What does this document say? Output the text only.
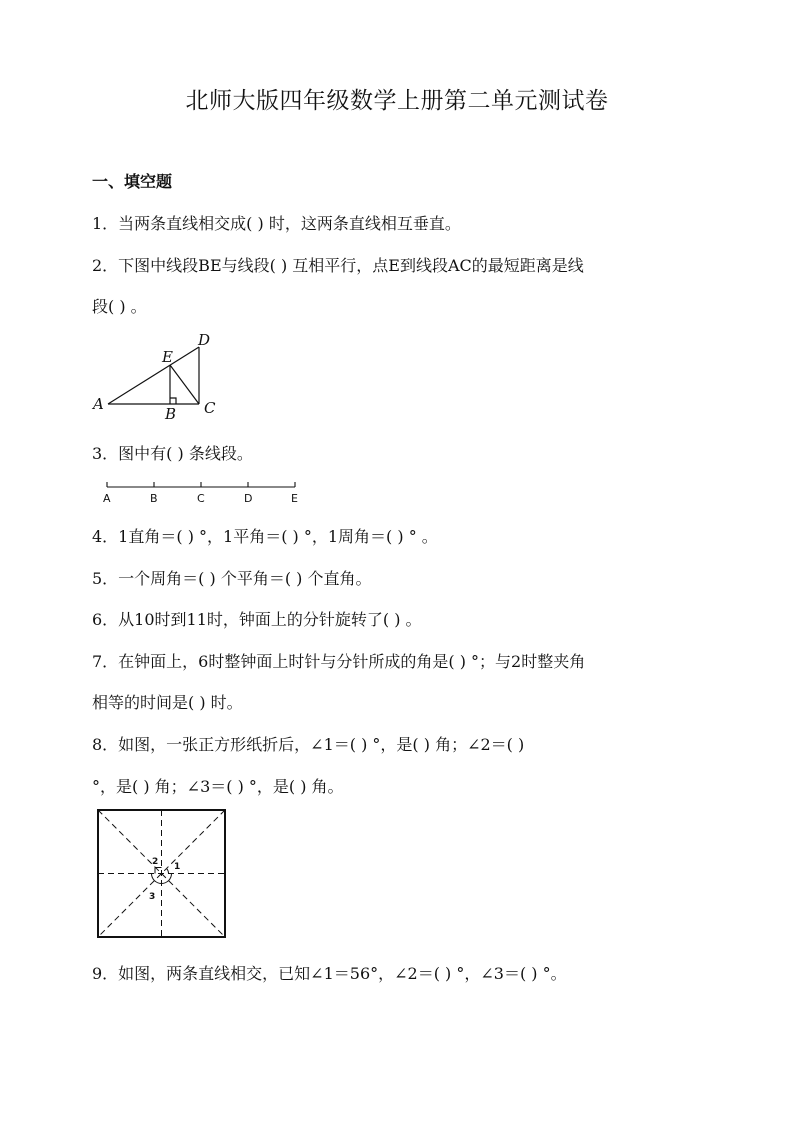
北师大版四年级数学上册第二单元测试卷
一、填空题
1．当两条直线相交成( ) 时，这两条直线相互垂直。
2．下图中线段BE与线段( ) 互相平行，点E到线段AC的最短距离是线
段( ) 。
A
B C
D
E
3．图中有( ) 条线段。
A	B	C	D	E
4．1直角＝( ) °，1平角＝( ) °，1周角＝( ) ° 。
5．一个周角＝( ) 个平角＝( ) 个直角。
6．从10时到11时，钟面上的分针旋转了( ) 。
7．在钟面上，6时整钟面上时针与分针所成的角是( ) °；与2时整夹角
相等的时间是( ) 时。
8．如图，一张正方形纸折后，∠1＝( ) °，是( ) 角；∠2＝( )
°，是( ) 角；∠3＝( ) °，是( ) 角。
2 1
3
9．如图，两条直线相交，已知∠1＝56°，∠2＝( ) °，∠3＝( ) °。
